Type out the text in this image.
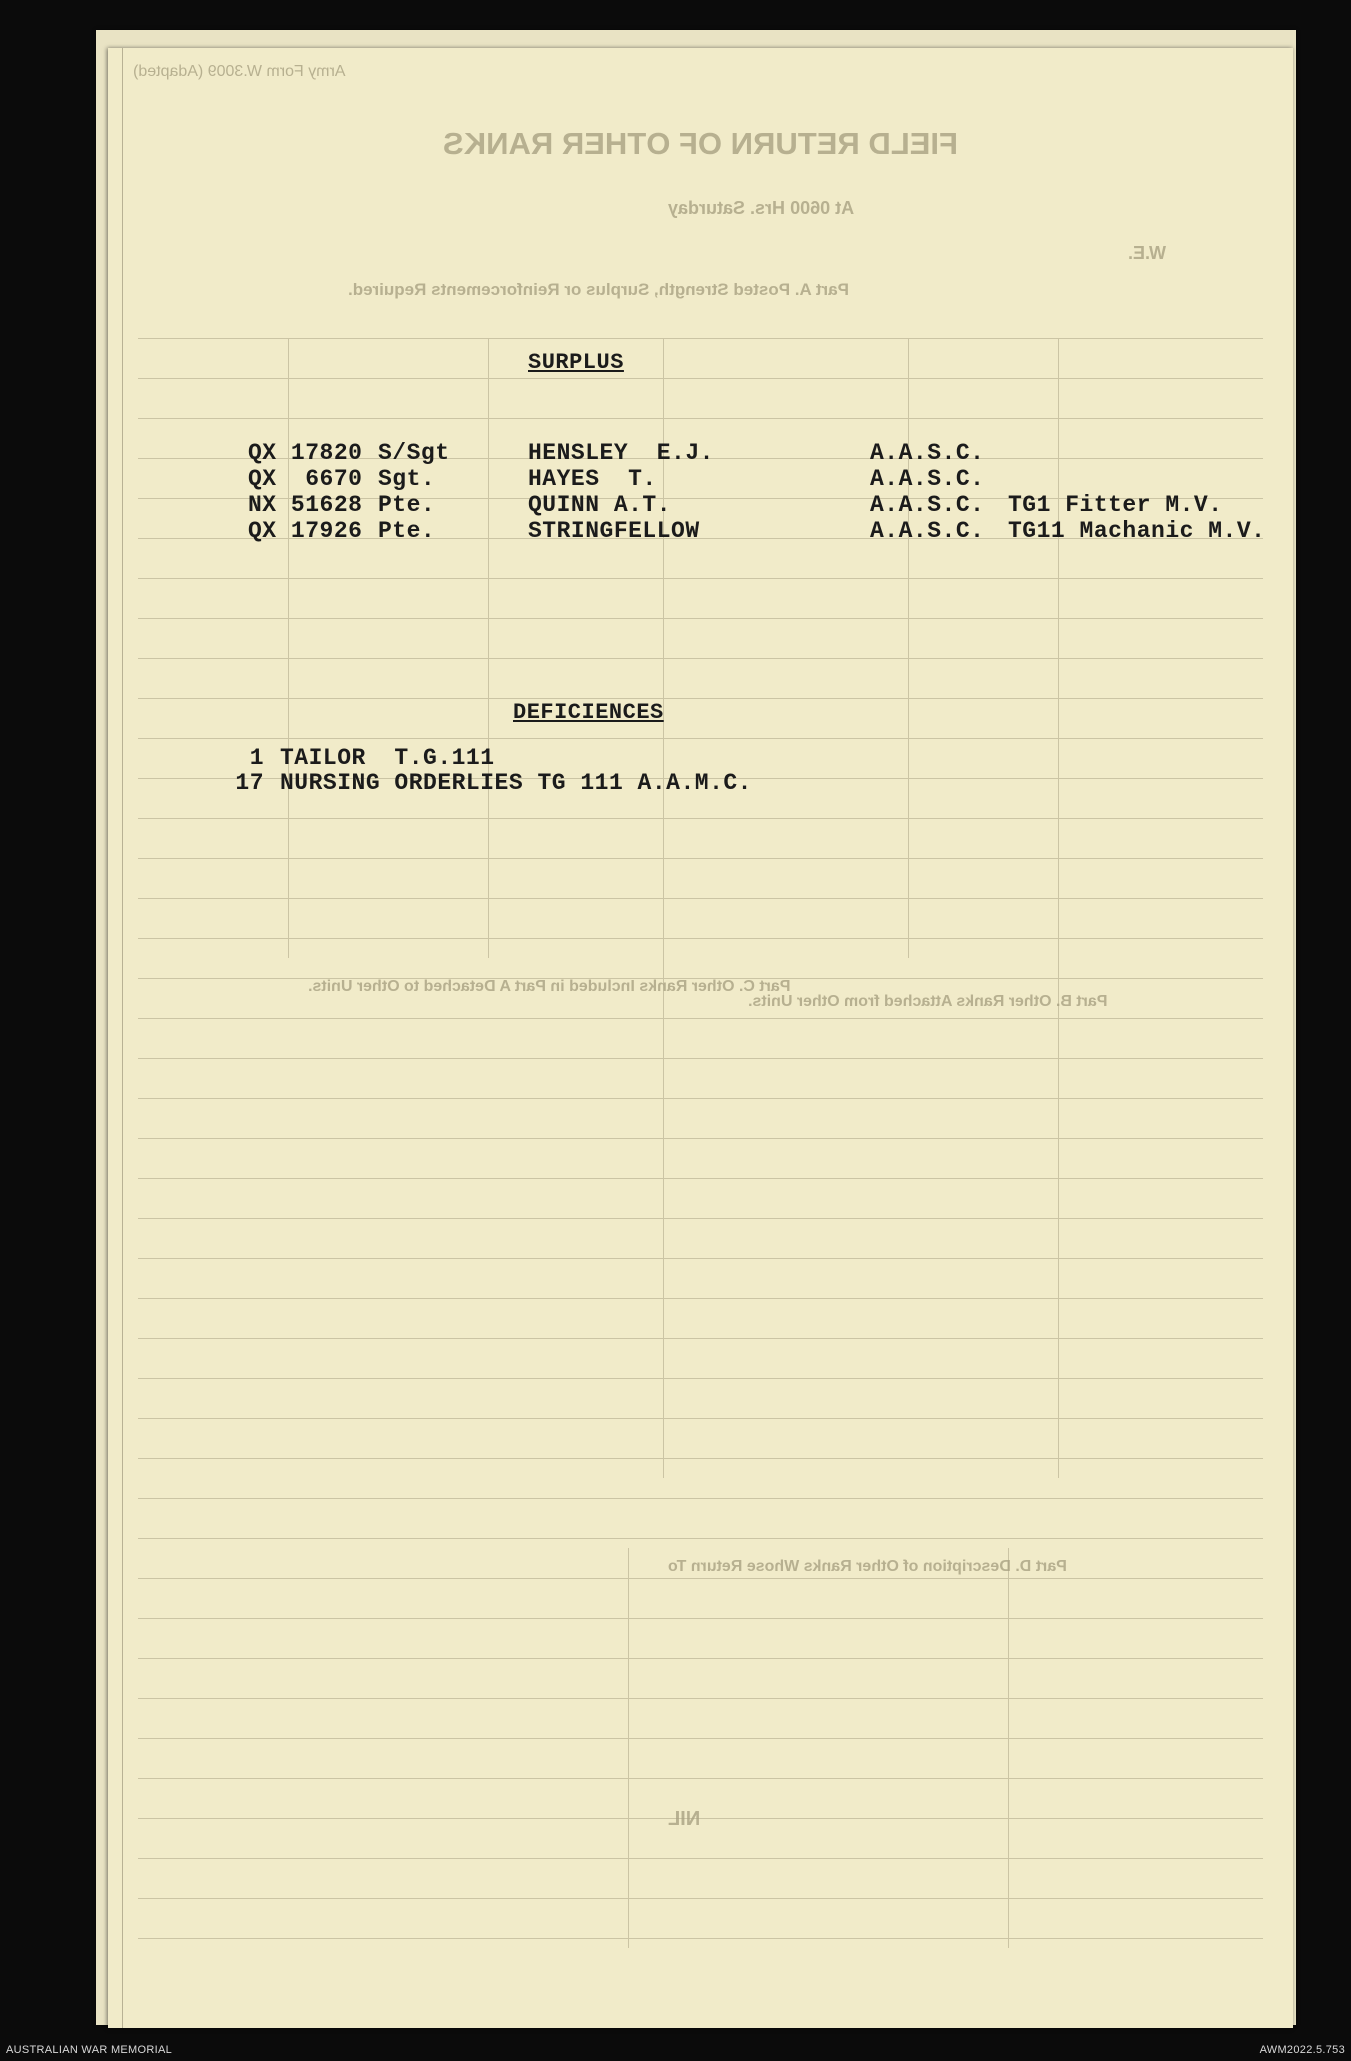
FIELD RETURN OF OTHER RANKS
Army Form W.3009 (Adapted)
At 0600 Hrs. Saturday
W.E.
Part A. Posted Strength, Surplus or Reinforcements Required.
Part B. Other Ranks Attached from Other Units.
Part C. Other Ranks Included in Part A Detached to Other Units.
Part D. Description of Other Ranks Whose Return To
NIL
SURPLUS
QX 17820 S/Sgt	HENSLEY  E.J.	A.A.S.C.
QX  6670 Sgt.	HAYES  T.	A.A.S.C.
NX 51628 Pte.	QUINN A.T.	A.A.S.C. TG1 Fitter M.V.
QX 17926 Pte.	STRINGFELLOW	A.A.S.C. TG11 Machanic M.V.
DEFICIENCES
1 TAILOR  T.G.111
17 NURSING ORDERLIES TG 111 A.A.M.C.
AUSTRALIAN WAR MEMORIAL	AWM2022.5.753
